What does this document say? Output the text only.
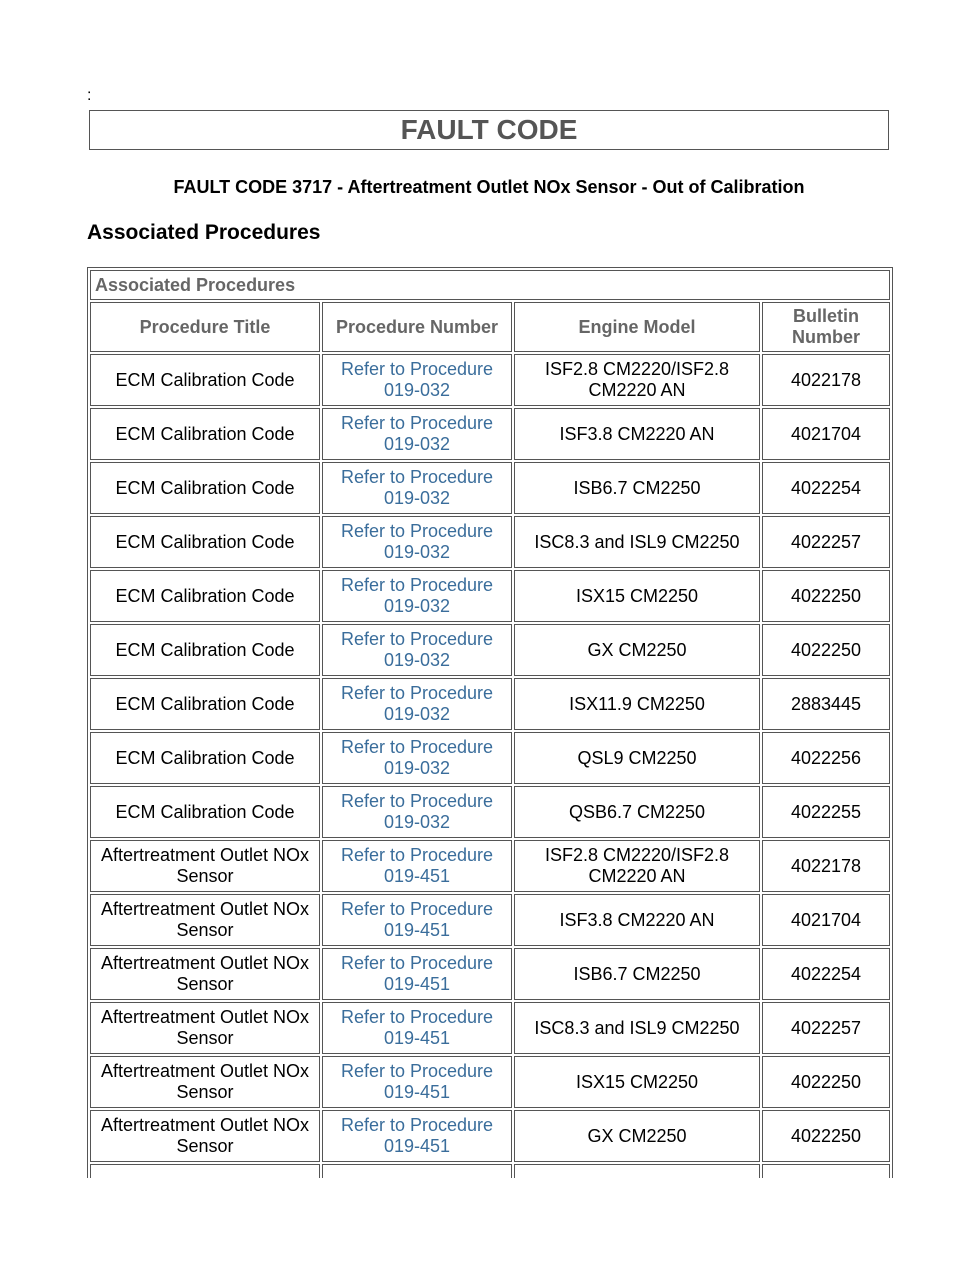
:
FAULT CODE
FAULT CODE 3717 - Aftertreatment Outlet NOx Sensor - Out of Calibration
Associated Procedures
Associated Procedures			
Procedure Title	Procedure Number	Engine Model	Bulletin Number
ECM Calibration Code	Refer to Procedure 019-032	ISF2.8 CM2220/ISF2.8 CM2220 AN	4022178
ECM Calibration Code	Refer to Procedure 019-032	ISF3.8 CM2220 AN	4021704
ECM Calibration Code	Refer to Procedure 019-032	ISB6.7 CM2250	4022254
ECM Calibration Code	Refer to Procedure 019-032	ISC8.3 and ISL9 CM2250	4022257
ECM Calibration Code	Refer to Procedure 019-032	ISX15 CM2250	4022250
ECM Calibration Code	Refer to Procedure 019-032	GX CM2250	4022250
ECM Calibration Code	Refer to Procedure 019-032	ISX11.9 CM2250	2883445
ECM Calibration Code	Refer to Procedure 019-032	QSL9 CM2250	4022256
ECM Calibration Code	Refer to Procedure 019-032	QSB6.7 CM2250	4022255
Aftertreatment Outlet NOx Sensor	Refer to Procedure 019-451	ISF2.8 CM2220/ISF2.8 CM2220 AN	4022178
Aftertreatment Outlet NOx Sensor	Refer to Procedure 019-451	ISF3.8 CM2220 AN	4021704
Aftertreatment Outlet NOx Sensor	Refer to Procedure 019-451	ISB6.7 CM2250	4022254
Aftertreatment Outlet NOx Sensor	Refer to Procedure 019-451	ISC8.3 and ISL9 CM2250	4022257
Aftertreatment Outlet NOx Sensor	Refer to Procedure 019-451	ISX15 CM2250	4022250
Aftertreatment Outlet NOx Sensor	Refer to Procedure 019-451	GX CM2250	4022250
